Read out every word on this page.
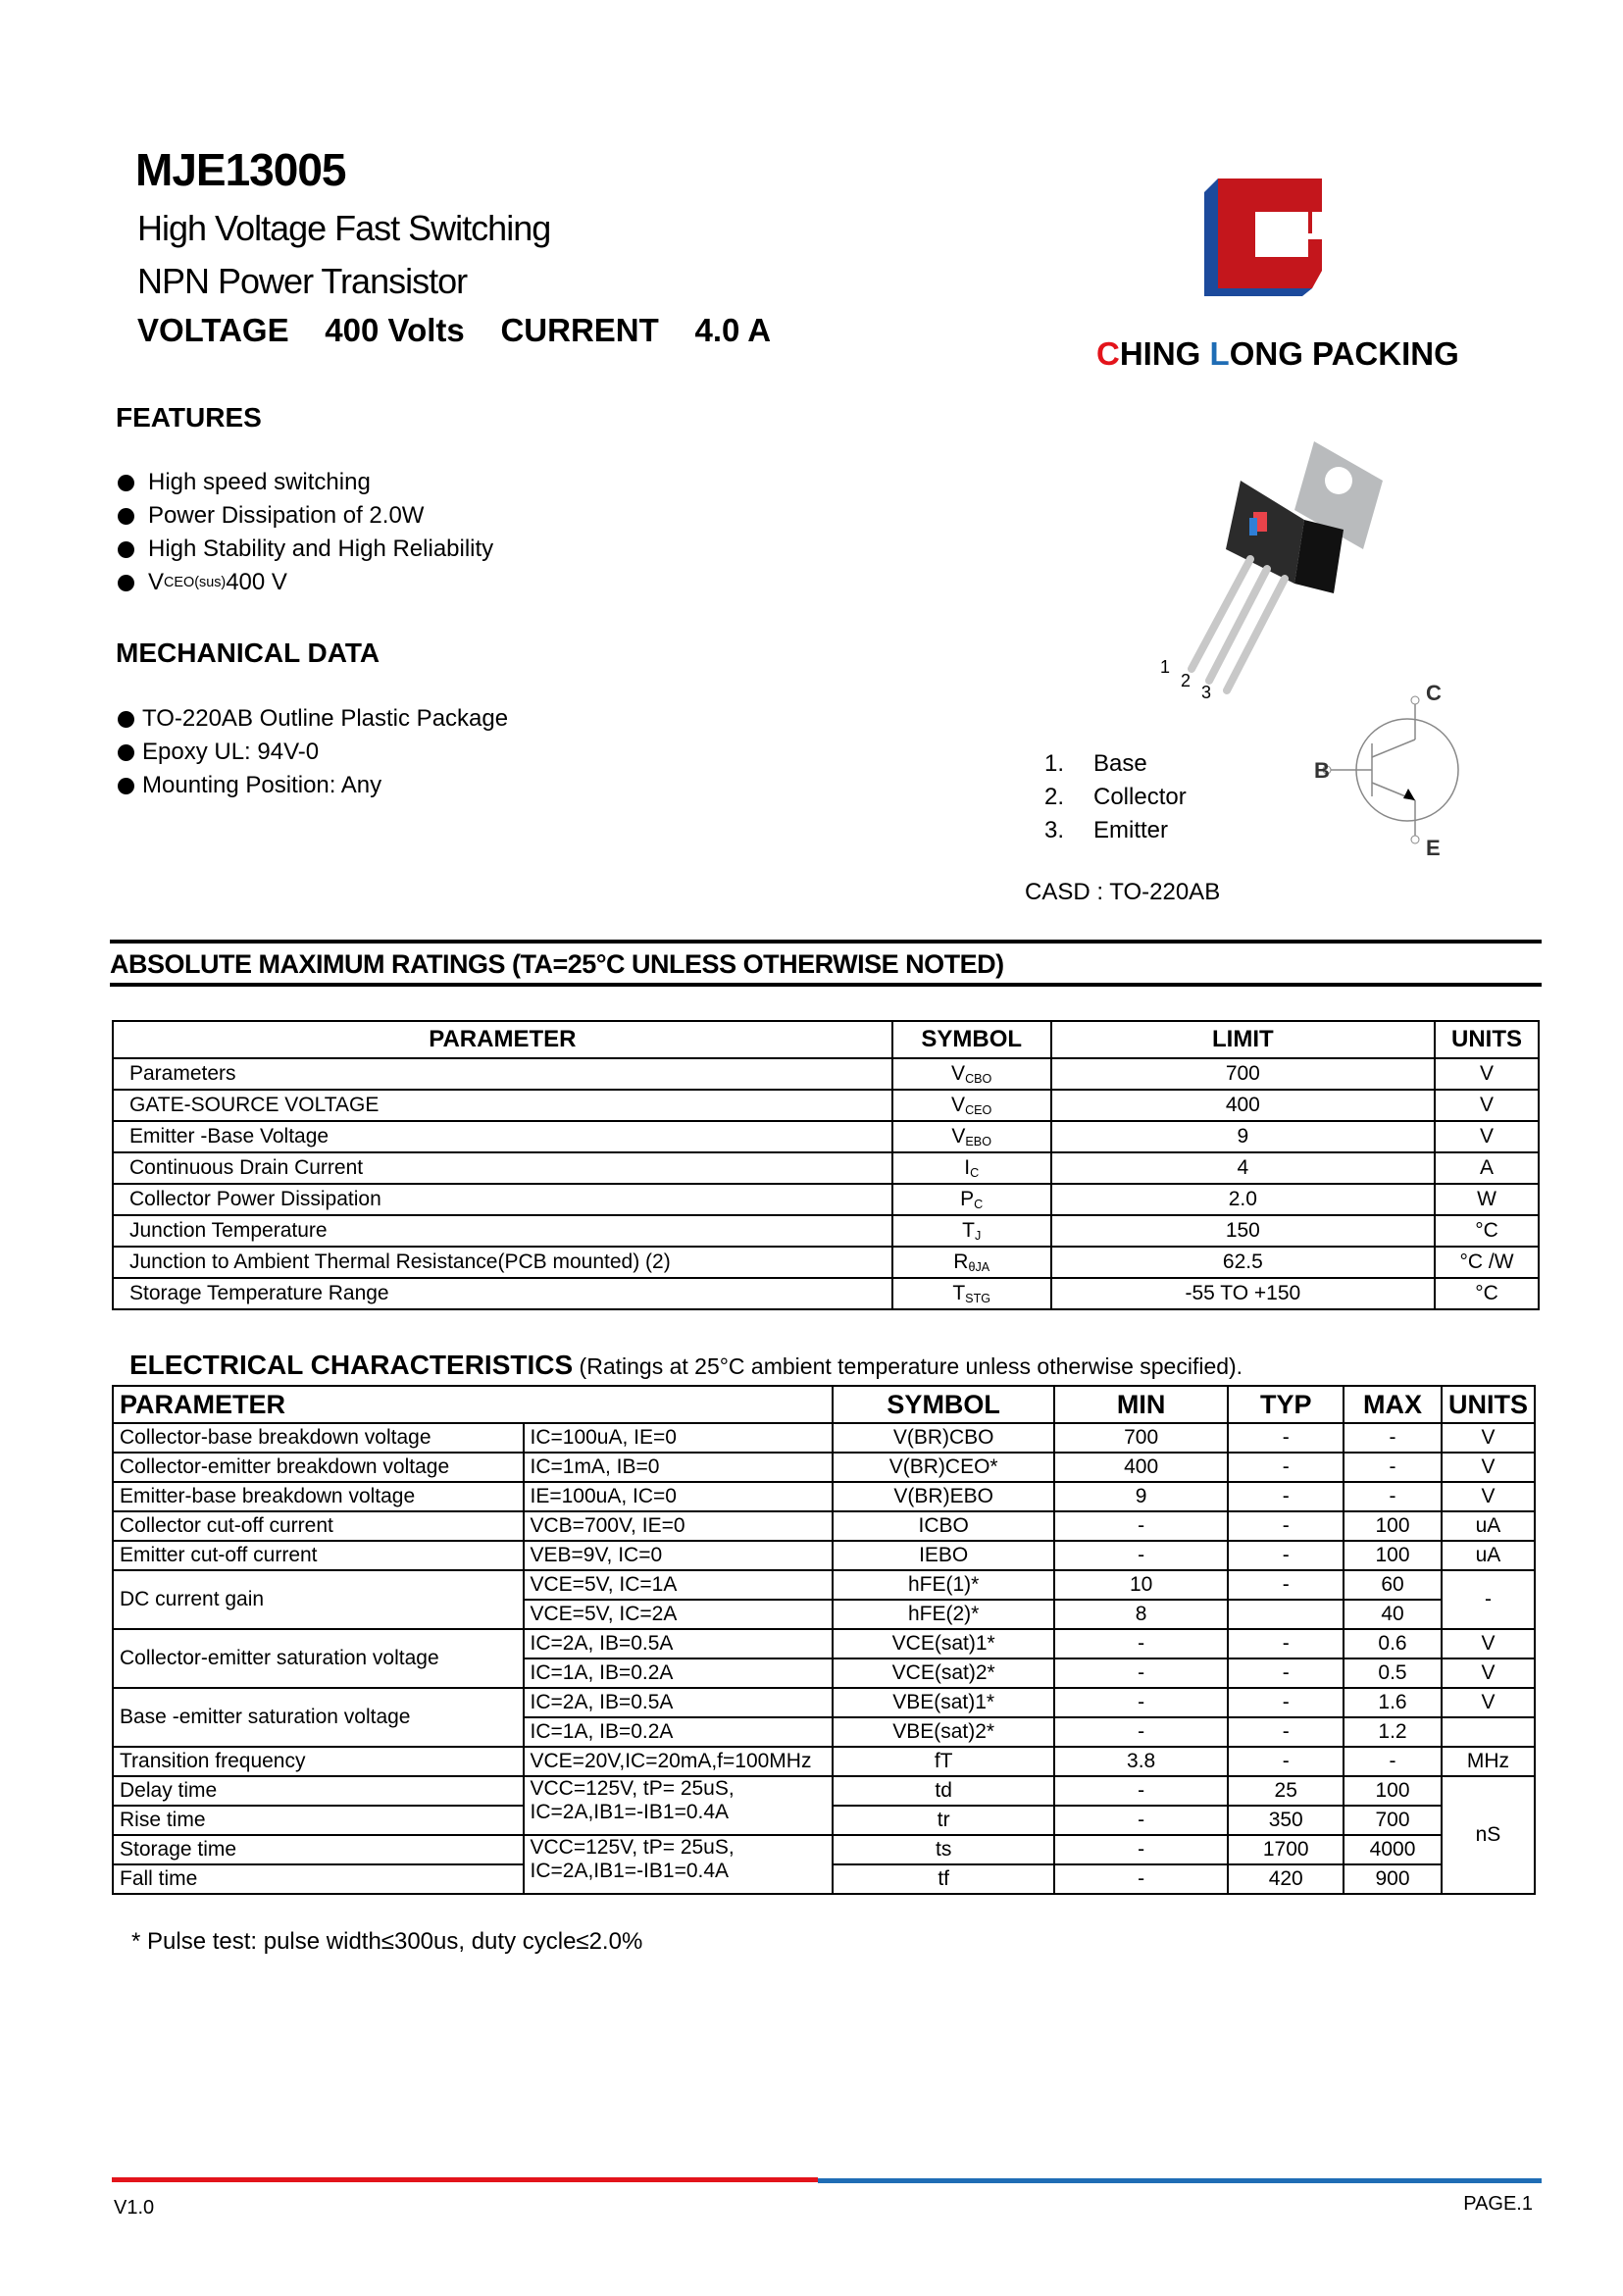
MJE13005
High Voltage Fast Switching
NPN Power Transistor
VOLTAGE 400 Volts CURRENT 4.0 A
CHING LONG PACKING
FEATURES
High speed switching
Power Dissipation of 2.0W
High Stability and High Reliability
V CEO(sus) 400 V
MECHANICAL DATA
TO-220AB Outline Plastic Package
Epoxy UL: 94V-0
Mounting Position: Any
1
2
3
1.	Base
2.	Collector
3.	Emitter
C
B
E
CASD : TO-220AB
ABSOLUTE MAXIMUM RATINGS (TA=25°C UNLESS OTHERWISE NOTED)
PARAMETER	SYMBOL	LIMIT	UNITS
Parameters	$V_{CBO}$	700	V
GATE-SOURCE VOLTAGE	$V_{CEO}$	400	V
Emitter -Base Voltage	$V_{EBO}$	9	V
Continuous Drain Current	$I_C$	4	A
Collector Power Dissipation	$P_C$	2.0	W
Junction Temperature	$T_J$	150	°C
Junction to Ambient Thermal Resistance(PCB mounted) (2)	$R_{\theta JA}$	62.5	°C /W
Storage Temperature Range	$T_{STG}$	-55 TO +150	°C
ELECTRICAL CHARACTERISTICS (Ratings at 25°C ambient temperature unless otherwise specified).
PARAMETER		SYMBOL	MIN	TYP	MAX	UNITS
Collector-base breakdown voltage	IC=100uA, IE=0	V(BR)CBO	700	-	-	V
Collector-emitter breakdown voltage	IC=1mA, IB=0	V(BR)CEO*	400	-	-	V
Emitter-base breakdown voltage	IE=100uA, IC=0	V(BR)EBO	9	-	-	V
Collector cut-off current	VCB=700V, IE=0	ICBO	-	-	100	uA
Emitter cut-off current	VEB=9V, IC=0	IEBO	-	-	100	uA
DC current gain	VCE=5V, IC=1A	hFE(1)*	10	-	60	-
	VCE=5V, IC=2A	hFE(2)*	8		40	
Collector-emitter saturation voltage	IC=2A, IB=0.5A	VCE(sat)1*	-	-	0.6	V
	IC=1A, IB=0.2A	VCE(sat)2*	-	-	0.5	V
Base -emitter saturation voltage	IC=2A, IB=0.5A	VBE(sat)1*	-	-	1.6	V
	IC=1A, IB=0.2A	VBE(sat)2*	-	-	1.2	
Transition frequency	VCE=20V,IC=20mA,f=100MHz	fT	3.8	-	-	MHz
Delay time	VCC=125V, tP= 25uS,
IC=2A,IB1=-IB1=0.4A	td	-	25	100	nS
Rise time		tr	-	350	700	
Storage time	VCC=125V, tP= 25uS,
IC=2A,IB1=-IB1=0.4A	ts	-	1700	4000	
Fall time		tf	-	420	900	
* Pulse test: pulse width≤300us, duty cycle≤2.0%
V1.0	PAGE.1
